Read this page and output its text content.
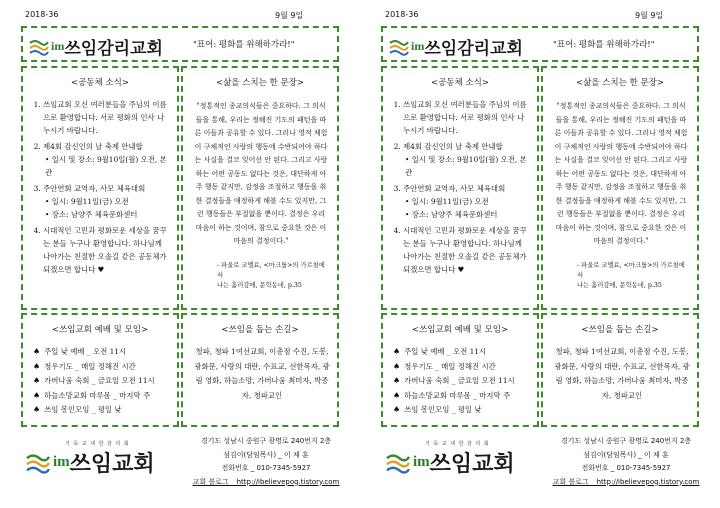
2018-36	9월 9일
im 쓰임감리교회	"표어: 평화를 위해하가라!"
<공동체 소식>
1. 쓰임교회 오신 여러분들을 주님의 이름으로 환영합니다. 서로 평화의 인사 나누시기 바랍니다.
2. 제4회 감신인의 날 축제 안내합
• 일시 및 장소: 9월10일(월) 오전, 본관
3. 주안연회 교역자, 사모 체육대회
• 일시: 9월11일(금) 오전
• 장소: 남양주 체육문화센터
4. 시대적인 고민과 평화로운 세상을 꿈꾸는 분들 누구나 환영합니다. 하나님께 나아가는 친절한 오솔길 같은 공동체가 되겠으면 합니다 ♥
<삶을 스치는 한 문장>
"정통적인 종교의식들은 중요하다. 그 의식들을 통해, 우리는 정해진 기도의 패턴을 따른 이들과 공유할 수 있다. 그러나 영적 체험이 구체적인 사랑의 행동에 수반되어야 하다는 사실을 결코 잊어선 안 된다. 그리고 사랑하는 어떤 공동도 없다는 것은, 대단하게 아주 행동 같지만, 감정을 조절하고 행동을 취한 결정들을 애정하게 해볼 수도 있지만, 그런 행동들은 부질없을 뿐이다. 결정은 우리 마음이 하는 것이며, 참으로 중요한 것은 이 마음의 결정이다."
- 파울로 코엘료, <마크툽>의 가르침에서
나는 흘러감에, 문학동네, p.35
<쓰임교회 예배 및 모임>
♠ 주일 낮 예배 _ 오전 11시
♠ 청우기도 _ 매일 정해진 시간
♠ 가버나움 숙회 _ 금요일 오전 11시
♠ 하늘소망교회 마루몸 _ 마지막 주
♠ 쓰임 봉인모임 _ 평일 낮
<쓰임을 돕는 손길>
청파, 청파 1여선교회, 이총점 수진, 도봉, 광화문, 사랑의 대란, 수표교, 선한목자, 광림 영화, 하늘소망, 가버나움 최미자, 박종자, 청파교인
기 독 교 대 한 감 리 회
im 쓰임교회
경기도 성남시 중원구 광명로 240번지 2층
섬김이(담임목사) _ 이 채 훈
전화번호 _ 010-7345-5927
교회 블로그 _ http://ibelievepog.tistory.com
2018-36	9월 9일
im 쓰임감리교회	"표어: 평화를 위해하가라!"
<공동체 소식>
1. 쓰임교회 오신 여러분들을 주님의 이름으로 환영합니다. 서로 평화의 인사 나누시기 바랍니다.
2. 제4회 감신인의 날 축제 안내합
• 일시 및 장소: 9월10일(월) 오전, 본관
3. 주안연회 교역자, 사모 체육대회
• 일시: 9월11일(금) 오전
• 장소: 남양주 체육문화센터
4. 시대적인 고민과 평화로운 세상을 꿈꾸는 분들 누구나 환영합니다. 하나님께 나아가는 친절한 오솔길 같은 공동체가 되겠으면 합니다 ♥
<삶을 스치는 한 문장>
"정통적인 종교의식들은 중요하다. 그 의식들을 통해, 우리는 정해진 기도의 패턴을 따른 이들과 공유할 수 있다. 그러나 영적 체험이 구체적인 사랑의 행동에 수반되어야 하다는 사실을 결코 잊어선 안 된다. 그리고 사랑하는 어떤 공동도 없다는 것은, 대단하게 아주 행동 같지만, 감정을 조절하고 행동을 취한 결정들을 애정하게 해볼 수도 있지만, 그런 행동들은 부질없을 뿐이다. 결정은 우리 마음이 하는 것이며, 참으로 중요한 것은 이 마음의 결정이다."
- 파울로 코엘료, <마크툽>의 가르침에서
나는 흘러감에, 문학동네, p.35
<쓰임교회 예배 및 모임>
♠ 주일 낮 예배 _ 오전 11시
♠ 청우기도 _ 매일 정해진 시간
♠ 가버나움 숙회 _ 금요일 오전 11시
♠ 하늘소망교회 마루몸 _ 마지막 주
♠ 쓰임 봉인모임 _ 평일 낮
<쓰임을 돕는 손길>
청파, 청파 1여선교회, 이총점 수진, 도봉, 광화문, 사랑의 대란, 수표교, 선한목자, 광림 영화, 하늘소망, 가버나움 최미자, 박종자, 청파교인
기 독 교 대 한 감 리 회
im 쓰임교회
경기도 성남시 중원구 광명로 240번지 2층
섬김이(담임목사) _ 이 채 훈
전화번호 _ 010-7345-5927
교회 블로그 _ http://ibelievepog.tistory.com
